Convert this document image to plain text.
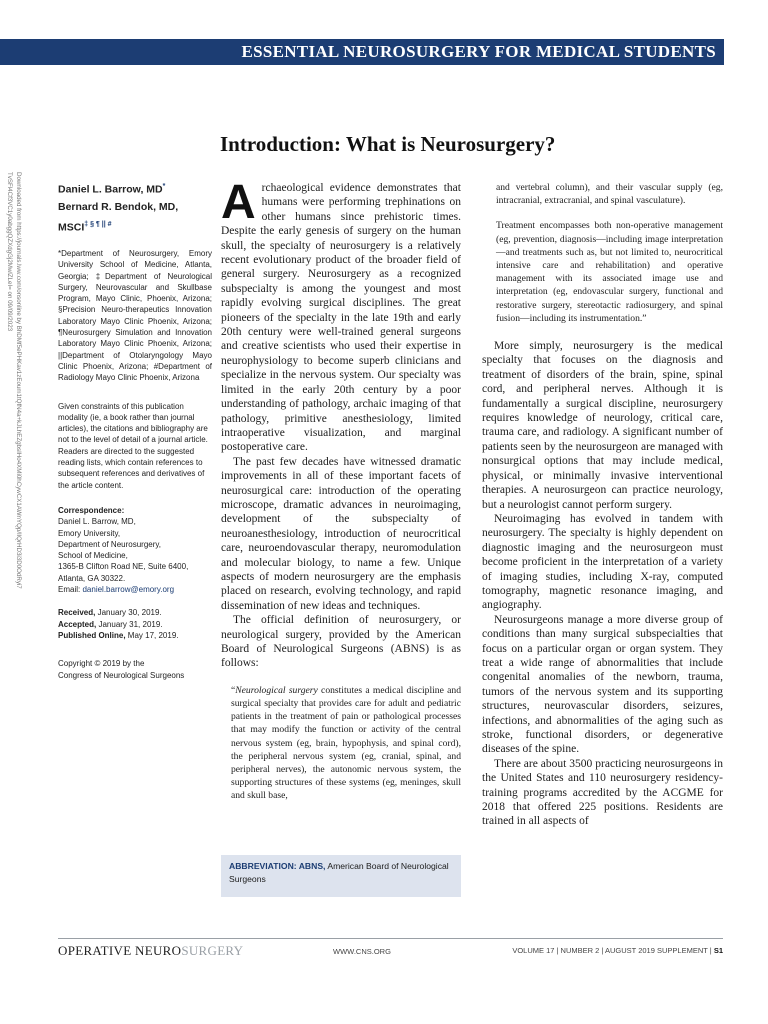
ESSENTIAL NEUROSURGERY FOR MEDICAL STUDENTS
Downloaded from https://journals.lww.com/onsonline by BhDMf5ePHKav1zEoum1tQfN4a+kJLhEZgbsIHo4XMi0hCywCX1AWnYQp/IlQrHD3i3D0OdRyi7TvSFl4Cf3VC1y0abggQZXdgGj2MwlZLeI= on 09/09/2023
Introduction: What is Neurosurgery?
Daniel L. Barrow, MD*
Bernard R. Bendok, MD,
MSCI‡ § ¶ || #
*Department of Neurosurgery, Emory University School of Medicine, Atlanta, Georgia; ‡Department of Neurological Surgery, Neurovascular and Skullbase Program, Mayo Clinic, Phoenix, Arizona; §Precision Neuro-therapeutics Innovation Laboratory Mayo Clinic Phoenix, Arizona; ¶Neurosurgery Simulation and Innovation Laboratory Mayo Clinic Phoenix, Arizona; ||Department of Otolaryngology Mayo Clinic Phoenix, Arizona; #Department of Radiology Mayo Clinic Phoenix, Arizona
Given constraints of this publication modality (ie, a book rather than journal articles), the citations and bibliography are not to the level of detail of a journal article. Readers are directed to the suggested reading lists, which contain references to subsequent references and derivatives of the article content.
Correspondence:
Daniel L. Barrow, MD,
Emory University,
Department of Neurosurgery,
School of Medicine,
1365-B Clifton Road NE, Suite 6400,
Atlanta, GA 30322.
Email: daniel.barrow@emory.org
Received, January 30, 2019.
Accepted, January 31, 2019.
Published Online, May 17, 2019.
Copyright © 2019 by the
Congress of Neurological Surgeons

Archaeological evidence demonstrates that humans were performing trephinations on other humans since prehistoric times. Despite the early genesis of surgery on the human skull, the specialty of neurosurgery is a relatively recent evolutionary product of the broader field of general surgery. Neurosurgery as a recognized subspecialty is among the youngest and most rapidly evolving surgical disciplines. The great pioneers of the specialty in the late 19th and early 20th century were well-trained general surgeons and creative scientists who used their expertise in neurophysiology to become superb clinicians and specialize in the nervous system. Our specialty was limited in the early 20th century by a poor understanding of pathology, archaic imaging of that pathology, primitive anesthesiology, limited intraoperative visualization, and marginal postoperative care.

The past few decades have witnessed dramatic improvements in all of these important facets of neurosurgical care: introduction of the operating microscope, dramatic advances in neuroimaging, development of the subspecialty of neuroanesthesiology, introduction of neurocritical care, neuroendovascular therapy, neuromodulation and molecular biology, to name a few. Unique aspects of modern neurosurgery are the emphasis placed on research, evolving technology, and rapid dissemination of new ideas and techniques.

The official definition of neurosurgery, or neurological surgery, provided by the American Board of Neurological Surgeons (ABNS) is as follows:

“Neurological surgery constitutes a medical discipline and surgical specialty that provides care for adult and pediatric patients in the treatment of pain or pathological processes that may modify the function or activity of the central nervous system (eg, brain, hypophysis, and spinal cord), the peripheral nervous system (eg, cranial, spinal, and peripheral nerves), the autonomic nervous system, the supporting structures of these systems (eg, meninges, skull and skull base,
ABBREVIATION: ABNS, American Board of Neurological Surgeons
and vertebral column), and their vascular supply (eg, intracranial, extracranial, and spinal vasculature).
Treatment encompasses both non-operative management (eg, prevention, diagnosis—including image interpretation—and treatments such as, but not limited to, neurocritical intensive care and rehabilitation) and operative management with its associated image use and interpretation (eg, endovascular surgery, functional and restorative surgery, stereotactic radiosurgery, and spinal fusion—including its instrumentation.”

More simply, neurosurgery is the medical specialty that focuses on the diagnosis and treatment of disorders of the brain, spine, spinal cord, and peripheral nerves. Although it is fundamentally a surgical discipline, neurosurgery requires knowledge of neurology, critical care, trauma care, and radiology. A significant number of patients seen by the neurosurgeon are managed with nonsurgical options that may include medical, physical, or minimally invasive interventional therapies. A neurosurgeon can practice neurology, but a neurologist cannot perform surgery.

Neuroimaging has evolved in tandem with neurosurgery. The specialty is highly dependent on diagnostic imaging and the neurosurgeon must become proficient in the interpretation of a variety of imaging studies, including X-ray, computed tomography, magnetic resonance imaging, and angiography.

Neurosurgeons manage a more diverse group of conditions than many surgical subspecialties that focus on a particular organ or organ system. They treat a wide range of abnormalities that include congenital anomalies of the newborn, trauma, tumors of the nervous system and its supporting structures, neurovascular disorders, seizures, infections, and abnormalities of the aging such as stroke, functional disorders, or degenerative diseases of the spine.

There are about 3500 practicing neurosurgeons in the United States and 110 neurosurgery residency-training programs accredited by the ACGME for 2018 that offered 225 positions. Residents are trained in all aspects of

OPERATIVE NEUROSURGERY	WWW.CNS.ORG	VOLUME 17 | NUMBER 2 | AUGUST 2019 SUPPLEMENT | S1
